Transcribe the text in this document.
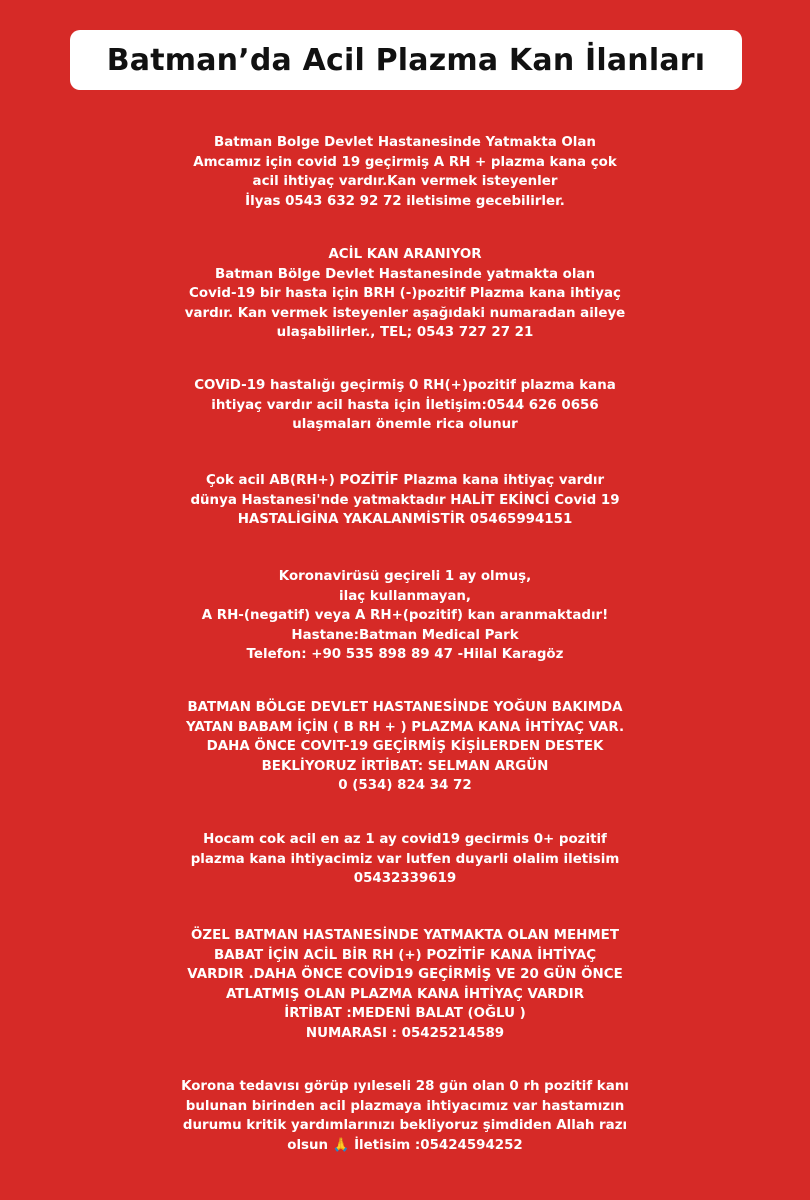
Batman’da Acil Plazma Kan İlanları
Batman Bolge Devlet Hastanesinde Yatmakta Olan
Amcamız için covid 19 geçirmiş A RH + plazma kana çok
acil ihtiyaç vardır.Kan vermek isteyenler
İlyas 0543 632 92 72 iletisime gecebilirler.
ACİL KAN ARANIYOR
Batman Bölge Devlet Hastanesinde yatmakta olan
Covid-19 bir hasta için BRH (-)pozitif Plazma kana ihtiyaç
vardır. Kan vermek isteyenler aşağıdaki numaradan aileye
ulaşabilirler., TEL; 0543 727 27 21
COViD-19 hastalığı geçirmiş 0 RH(+)pozitif plazma kana
ihtiyaç vardır acil hasta için İletişim:0544 626 0656
ulaşmaları önemle rica olunur
Çok acil AB(RH+) POZİTİF Plazma kana ihtiyaç vardır
dünya Hastanesi'nde yatmaktadır HALİT EKİNCİ Covid 19
HASTALİGİNA YAKALANMİSTİR 05465994151
Koronavirüsü geçireli 1 ay olmuş,
ilaç kullanmayan,
A RH-(negatif) veya A RH+(pozitif) kan aranmaktadır!
Hastane:Batman Medical Park
Telefon: +90 535 898 89 47 -Hilal Karagöz
BATMAN BÖLGE DEVLET HASTANESİNDE YOĞUN BAKIMDA
YATAN BABAM İÇİN ( B RH + ) PLAZMA KANA İHTİYAÇ VAR.
DAHA ÖNCE COVIT-19 GEÇİRMİŞ KİŞİLERDEN DESTEK
BEKLİYORUZ İRTİBAT: SELMAN ARGÜN
0 (534) 824 34 72
Hocam cok acil en az 1 ay covid19 gecirmis 0+ pozitif
plazma kana ihtiyacimiz var lutfen duyarli olalim iletisim
05432339619
ÖZEL BATMAN HASTANESİNDE YATMAKTA OLAN MEHMET
BABAT İÇİN ACİL BİR RH (+) POZİTİF KANA İHTİYAÇ
VARDIR .DAHA ÖNCE COVİD19 GEÇİRMİŞ VE 20 GÜN ÖNCE
ATLATMIŞ OLAN PLAZMA KANA İHTİYAÇ VARDIR
İRTİBAT :MEDENİ BALAT (OĞLU )
NUMARASI : 05425214589
Korona tedavısı görüp ıyıleseli 28 gün olan 0 rh pozitif kanı
bulunan birinden acil plazmaya ihtiyacımız var hastamızın
durumu kritik yardımlarınızı bekliyoruz şimdiden Allah razı
olsun 🙏 İletisim :05424594252
